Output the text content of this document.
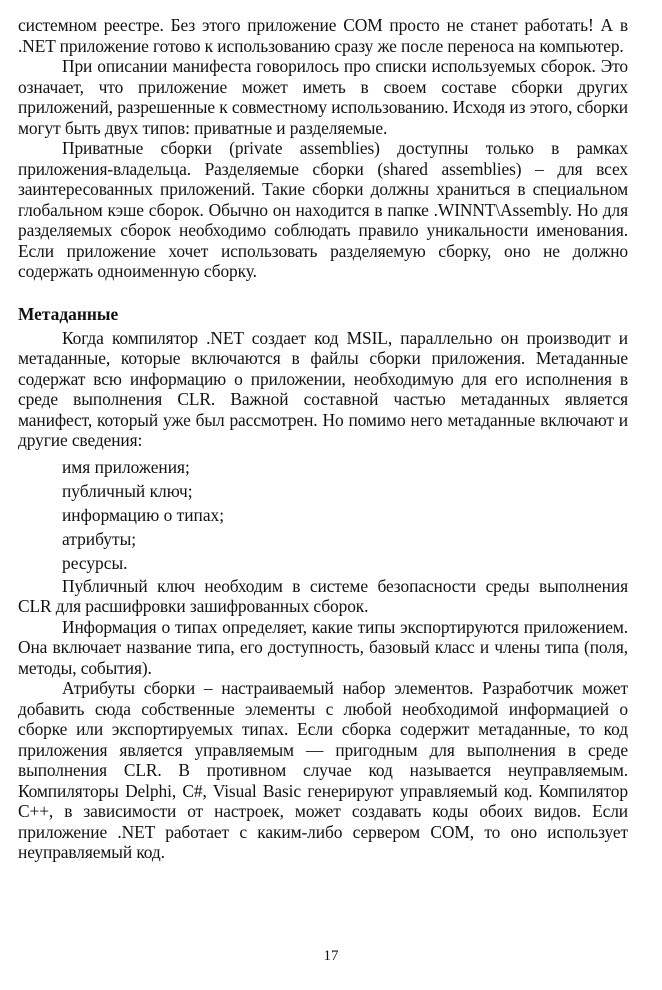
системном реестре. Без этого приложение COM просто не станет работать! А в .NET приложение готово к использованию сразу же после переноса на компьютер.

При описании манифеста говорилось про списки используемых сборок. Это означает, что приложение может иметь в своем составе сборки других приложений, разрешенные к совместному использованию. Исходя из этого, сборки могут быть двух типов: приватные и разделяемые.

Приватные сборки (private assemblies) доступны только в рамках приложения-владельца. Разделяемые сборки (shared assemblies) – для всех заинтересованных приложений. Такие сборки должны храниться в специальном глобальном кэше сборок. Обычно он находится в папке .WINNT\Assembly. Но для разделяемых сборок необходимо соблюдать правило уникальности именования. Если приложение хочет использовать разделяемую сборку, оно не должно содержать одноименную сборку.

Метаданные

Когда компилятор .NET создает код MSIL, параллельно он производит и метаданные, которые включаются в файлы сборки приложения. Метаданные содержат всю информацию о приложении, необходимую для его исполнения в среде выполнения CLR. Важной составной частью метаданных является манифест, который уже был рассмотрен. Но помимо него метаданные включают и другие сведения:

имя приложения;
публичный ключ;
информацию о типах;
атрибуты;
ресурсы.

Публичный ключ необходим в системе безопасности среды выполнения CLR для расшифровки зашифрованных сборок.

Информация о типах определяет, какие типы экспортируются приложением. Она включает название типа, его доступность, базовый класс и члены типа (поля, методы, события).

Атрибуты сборки – настраиваемый набор элементов. Разработчик может добавить сюда собственные элементы с любой необходимой информацией о сборке или экспортируемых типах. Если сборка содержит метаданные, то код приложения является управляемым — пригодным для выполнения в среде выполнения CLR. В противном случае код называется неуправляемым. Компиляторы Delphi, C#, Visual Basic генерируют управляемый код. Компилятор C++, в зависимости от настроек, может создавать коды обоих видов. Если приложение .NET работает с каким-либо сервером COM, то оно использует неуправляемый код.

17
